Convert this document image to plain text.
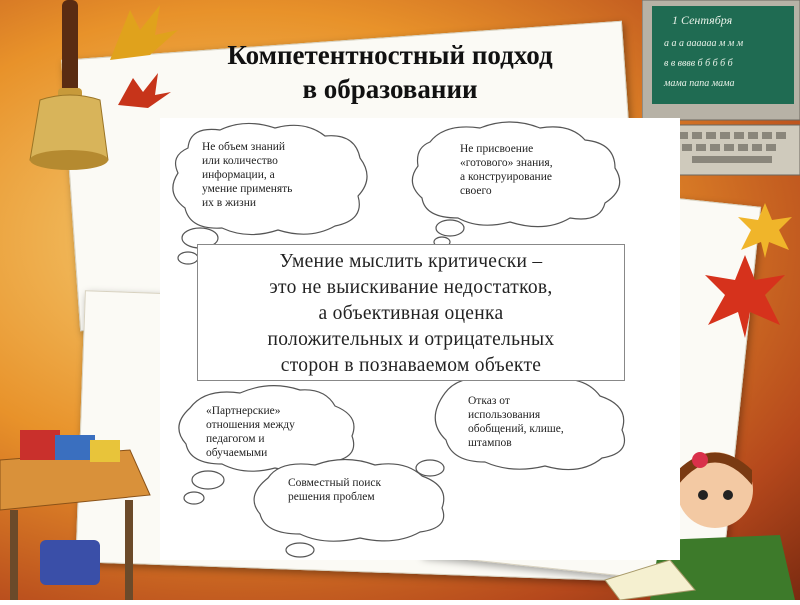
1 Сентября
а а а аааааа м м м
в в вввв б б б б б
мама папа мама
Компетентностный подход
в образовании
Не объем знаний
или количество
информации, а
умение применять
их в жизни
Не присвоение
«готового» знания,
а конструирование
своего
Умение мыслить критически –
это не выискивание недостатков,
а объективная оценка
положительных и отрицательных
сторон в познаваемом объекте
«Партнерские»
отношения между
педагогом и
обучаемыми
Отказ от
использования
обобщений, клише,
штампов
Совместный поиск
решения проблем
